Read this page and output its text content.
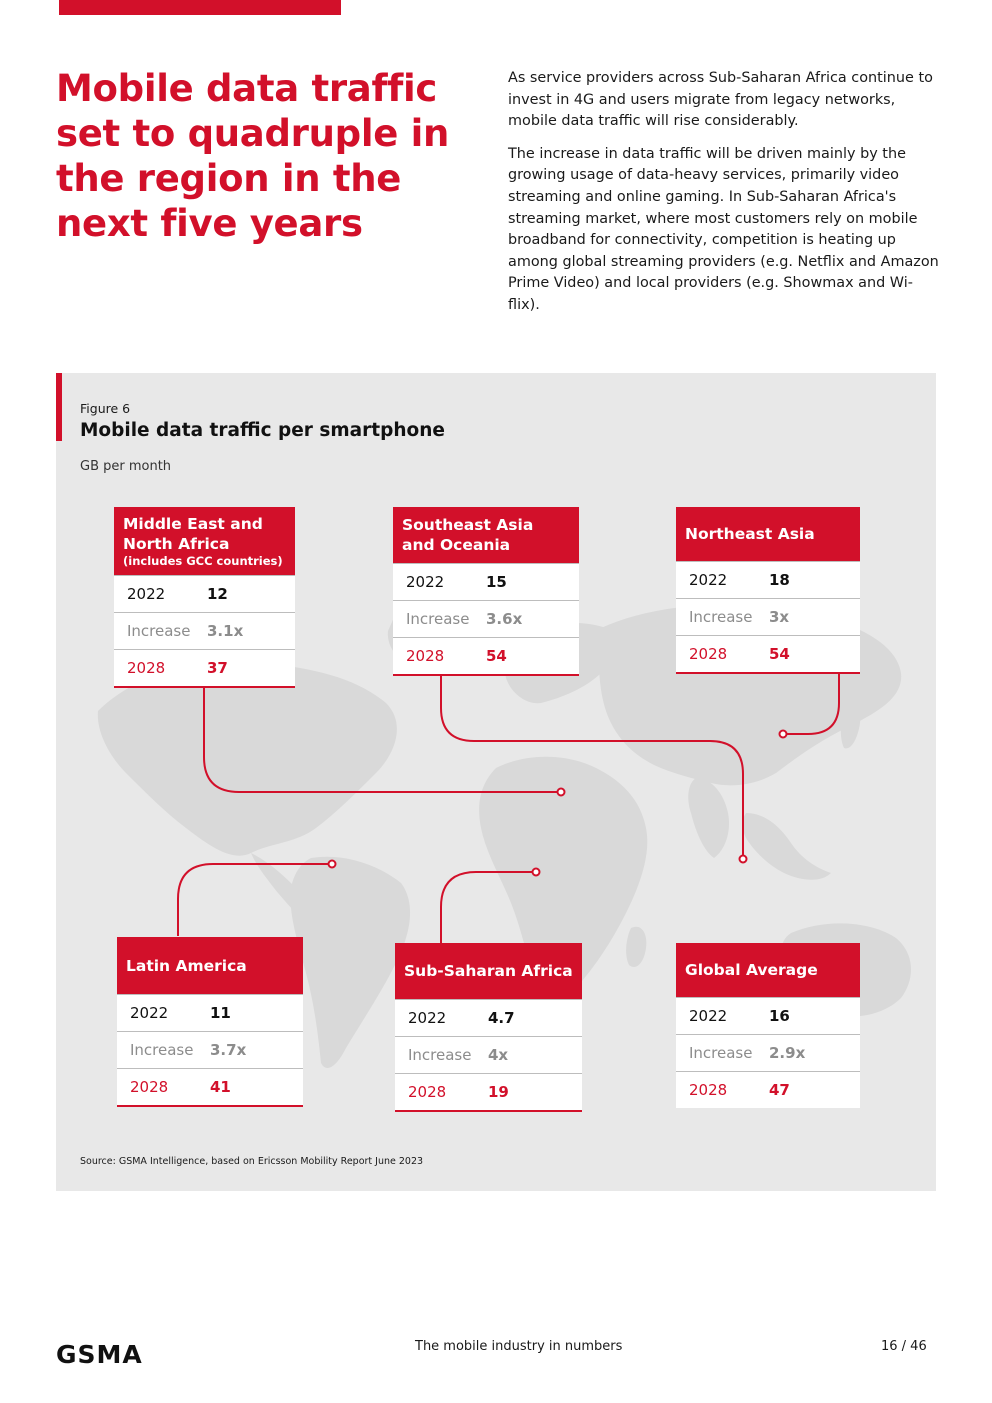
Mobile data traffic set to quadruple in the region in the next five years

As service providers across Sub-Saharan Africa continue to invest in 4G and users migrate from legacy networks, mobile data traffic will rise considerably.

The increase in data traffic will be driven mainly by the growing usage of data-heavy services, primarily video streaming and online gaming. In Sub-Saharan Africa's streaming market, where most customers rely on mobile broadband for connectivity, competition is heating up among global streaming providers (e.g. Netflix and Amazon Prime Video) and local providers (e.g. Showmax and Wi-flix).

Figure 6
Mobile data traffic per smartphone
GB per month
Middle East and North Africa
(includes GCC countries)
2022	12
Increase	3.1x
2028	37
Southeast Asia and Oceania
2022	15
Increase	3.6x
2028	54
Northeast Asia
2022	18
Increase	3x
2028	54
Latin America
2022	11
Increase	3.7x
2028	41
Sub-Saharan Africa
2022	4.7
Increase	4x
2028	19
Global Average
2022	16
Increase	2.9x
2028	47
Source: GSMA Intelligence, based on Ericsson Mobility Report June 2023
GSMA	The mobile industry in numbers	16 / 46
